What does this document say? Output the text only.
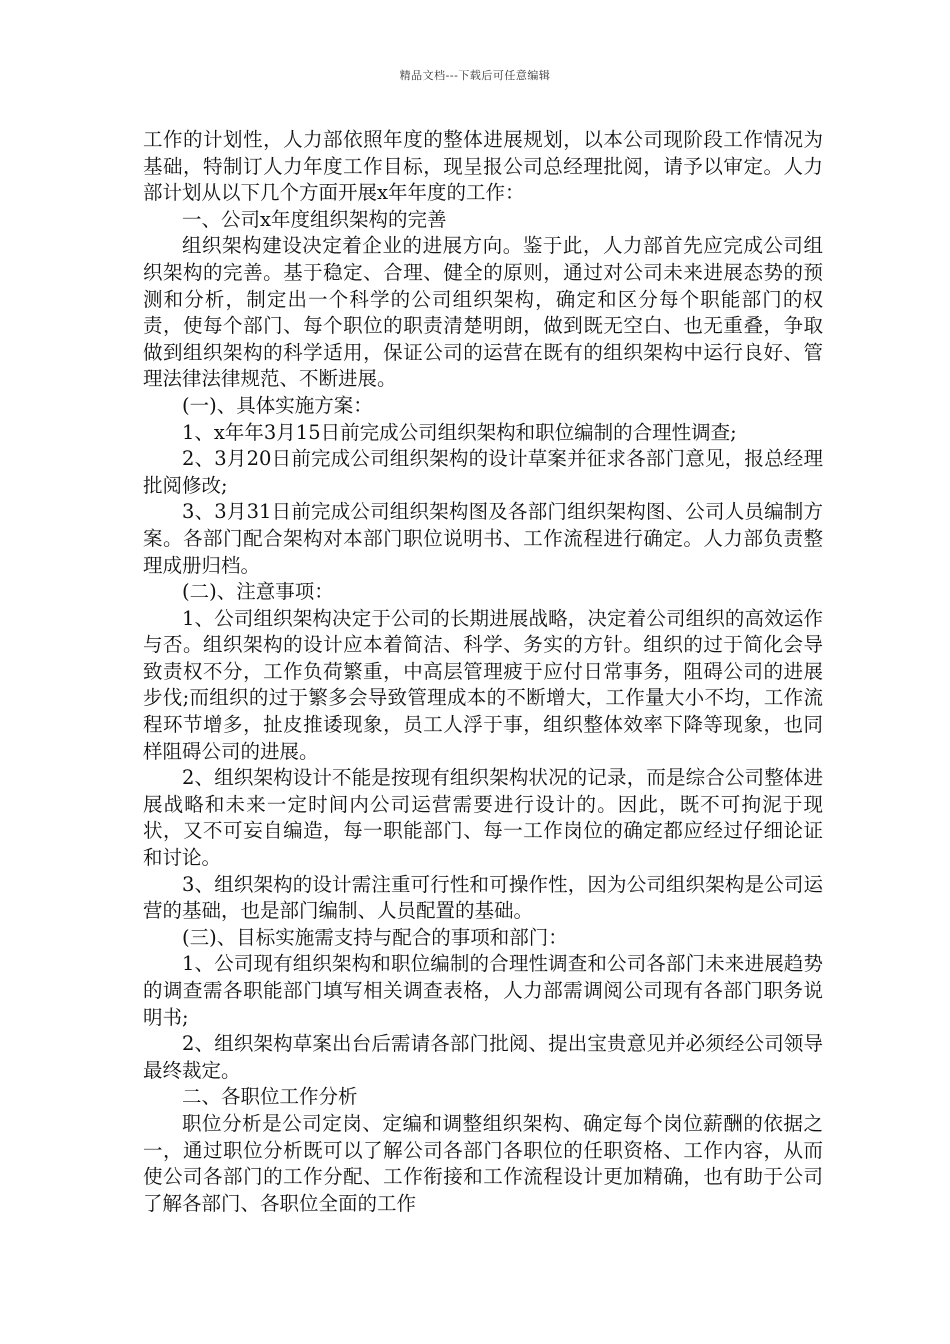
精品文档---下载后可任意编辑

工作的计划性，人力部依照年度的整体进展规划，以本公司现阶段工作情况为基础，特制订人力年度工作目标，现呈报公司总经理批阅，请予以审定。人力部计划从以下几个方面开展x年年度的工作：

一、公司x年度组织架构的完善

组织架构建设决定着企业的进展方向。鉴于此，人力部首先应完成公司组织架构的完善。基于稳定、合理、健全的原则，通过对公司未来进展态势的预测和分析，制定出一个科学的公司组织架构，确定和区分每个职能部门的权责，使每个部门、每个职位的职责清楚明朗，做到既无空白、也无重叠，争取做到组织架构的科学适用，保证公司的运营在既有的组织架构中运行良好、管理法律法律规范、不断进展。

(一)、具体实施方案：

1、x年年3月15日前完成公司组织架构和职位编制的合理性调查;

2、3月20日前完成公司组织架构的设计草案并征求各部门意见，报总经理批阅修改;

3、3月31日前完成公司组织架构图及各部门组织架构图、公司人员编制方案。各部门配合架构对本部门职位说明书、工作流程进行确定。人力部负责整理成册归档。

(二)、注意事项：

1、公司组织架构决定于公司的长期进展战略，决定着公司组织的高效运作与否。组织架构的设计应本着简洁、科学、务实的方针。组织的过于简化会导致责权不分，工作负荷繁重，中高层管理疲于应付日常事务，阻碍公司的进展步伐;而组织的过于繁多会导致管理成本的不断增大，工作量大小不均，工作流程环节增多，扯皮推诿现象，员工人浮于事，组织整体效率下降等现象，也同样阻碍公司的进展。

2、组织架构设计不能是按现有组织架构状况的记录，而是综合公司整体进展战略和未来一定时间内公司运营需要进行设计的。因此，既不可拘泥于现状，又不可妄自编造，每一职能部门、每一工作岗位的确定都应经过仔细论证和讨论。

3、组织架构的设计需注重可行性和可操作性，因为公司组织架构是公司运营的基础，也是部门编制、人员配置的基础。

(三)、目标实施需支持与配合的事项和部门：

1、公司现有组织架构和职位编制的合理性调查和公司各部门未来进展趋势的调查需各职能部门填写相关调查表格，人力部需调阅公司现有各部门职务说明书;

2、组织架构草案出台后需请各部门批阅、提出宝贵意见并必须经公司领导最终裁定。

二、各职位工作分析

职位分析是公司定岗、定编和调整组织架构、确定每个岗位薪酬的依据之一，通过职位分析既可以了解公司各部门各职位的任职资格、工作内容，从而使公司各部门的工作分配、工作衔接和工作流程设计更加精确，也有助于公司了解各部门、各职位全面的工作
